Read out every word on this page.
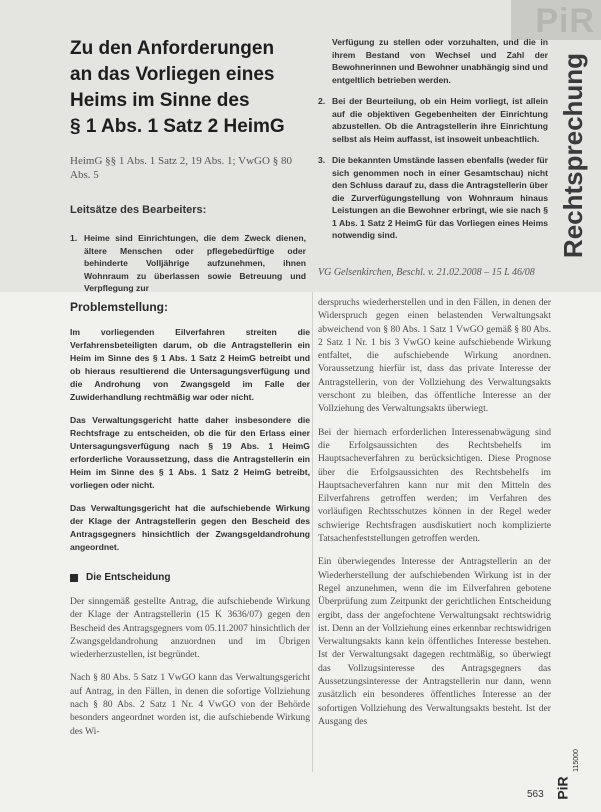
PiR
Zu den Anforderungen
an das Vorliegen eines
Heims im Sinne des
§ 1 Abs. 1 Satz 2 HeimG
HeimG §§ 1 Abs. 1 Satz 2, 19 Abs. 1; VwGO § 80 Abs. 5
Leitsätze des Bearbeiters:
1. Heime sind Einrichtungen, die dem Zweck dienen, ältere Menschen oder pflegebedürftige oder behinderte Volljährige aufzunehmen, ihnen Wohnraum zu überlassen sowie Betreuung und Verpflegung zur
Verfügung zu stellen oder vorzuhalten, und die in ihrem Bestand von Wechsel und Zahl der Bewohnerinnen und Bewohner unabhängig sind und entgeltlich betrieben werden.
2. Bei der Beurteilung, ob ein Heim vorliegt, ist allein auf die objektiven Gegebenheiten der Einrichtung abzustellen. Ob die Antragstellerin ihre Einrichtung selbst als Heim auffasst, ist insoweit unbeachtlich.
3. Die bekannten Umstände lassen ebenfalls (weder für sich genommen noch in einer Gesamtschau) nicht den Schluss darauf zu, dass die Antragstellerin über die Zurverfügungstellung von Wohnraum hinaus Leistungen an die Bewohner erbringt, wie sie nach § 1 Abs. 1 Satz 2 HeimG für das Vorliegen eines Heims notwendig sind.
VG Gelsenkirchen, Beschl. v. 21.02.2008 – 15 L 46/08
Rechtsprechung
Problemstellung:

Im vorliegenden Eilverfahren streiten die Verfahrensbeteiligten darum, ob die Antragstellerin ein Heim im Sinne des § 1 Abs. 1 Satz 2 HeimG betreibt und ob hieraus resultierend die Untersagungsverfügung und die Androhung von Zwangsgeld im Falle der Zuwiderhandlung rechtmäßig war oder nicht.

Das Verwaltungsgericht hatte daher insbesondere die Rechtsfrage zu entscheiden, ob die für den Erlass einer Untersagungsverfügung nach § 19 Abs. 1 HeimG erforderliche Voraussetzung, dass die Antragstellerin ein Heim im Sinne des § 1 Abs. 1 Satz 2 HeimG betreibt, vorliegen oder nicht.

Das Verwaltungsgericht hat die aufschiebende Wirkung der Klage der Antragstellerin gegen den Bescheid des Antragsgegners hinsichtlich der Zwangsgeldandrohung angeordnet.

Die Entscheidung

Der sinngemäß gestellte Antrag, die aufschiebende Wirkung der Klage der Antragstellerin (15 K 3636/07) gegen den Bescheid des Antragsgegners vom 05.11.2007 hinsichtlich der Zwangsgeldandrohung anzuordnen und im Übrigen wiederherzustellen, ist begründet.

Nach § 80 Abs. 5 Satz 1 VwGO kann das Verwaltungsgericht auf Antrag, in den Fällen, in denen die sofortige Vollziehung nach § 80 Abs. 2 Satz 1 Nr. 4 VwGO von der Behörde besonders angeordnet worden ist, die aufschiebende Wirkung des Wi-

derspruchs wiederherstellen und in den Fällen, in denen der Widerspruch gegen einen belastenden Verwaltungsakt abweichend von § 80 Abs. 1 Satz 1 VwGO gemäß § 80 Abs. 2 Satz 1 Nr. 1 bis 3 VwGO keine aufschiebende Wirkung entfaltet, die aufschiebende Wirkung anordnen. Voraussetzung hierfür ist, dass das private Interesse der Antragstellerin, von der Vollziehung des Verwaltungsakts verschont zu bleiben, das öffentliche Interesse an der Vollziehung des Verwaltungsakts überwiegt.

Bei der hiernach erforderlichen Interessenabwägung sind die Erfolgsaussichten des Rechtsbehelfs im Hauptsacheverfahren zu berücksichtigen. Diese Prognose über die Erfolgsaussichten des Rechtsbehelfs im Hauptsacheverfahren kann nur mit den Mitteln des Eilverfahrens getroffen werden; im Verfahren des vorläufigen Rechtsschutzes können in der Regel weder schwierige Rechtsfragen ausdiskutiert noch komplizierte Tatsachenfeststellungen getroffen werden.

Ein überwiegendes Interesse der Antragstellerin an der Wiederherstellung der aufschiebenden Wirkung ist in der Regel anzunehmen, wenn die im Eilverfahren gebotene Überprüfung zum Zeitpunkt der gerichtlichen Entscheidung ergibt, dass der angefochtene Verwaltungsakt rechtswidrig ist. Denn an der Vollziehung eines erkennbar rechtswidrigen Verwaltungsakts kann kein öffentliches Interesse bestehen. Ist der Verwaltungsakt dagegen rechtmäßig, so überwiegt das Vollzugsinteresse des Antragsgegners das Aussetzungsinteresse der Antragstellerin nur dann, wenn zusätzlich ein besonderes öffentliches Interesse an der sofortigen Vollziehung des Verwaltungsakts besteht. Ist der Ausgang des

563 PiR
115000
